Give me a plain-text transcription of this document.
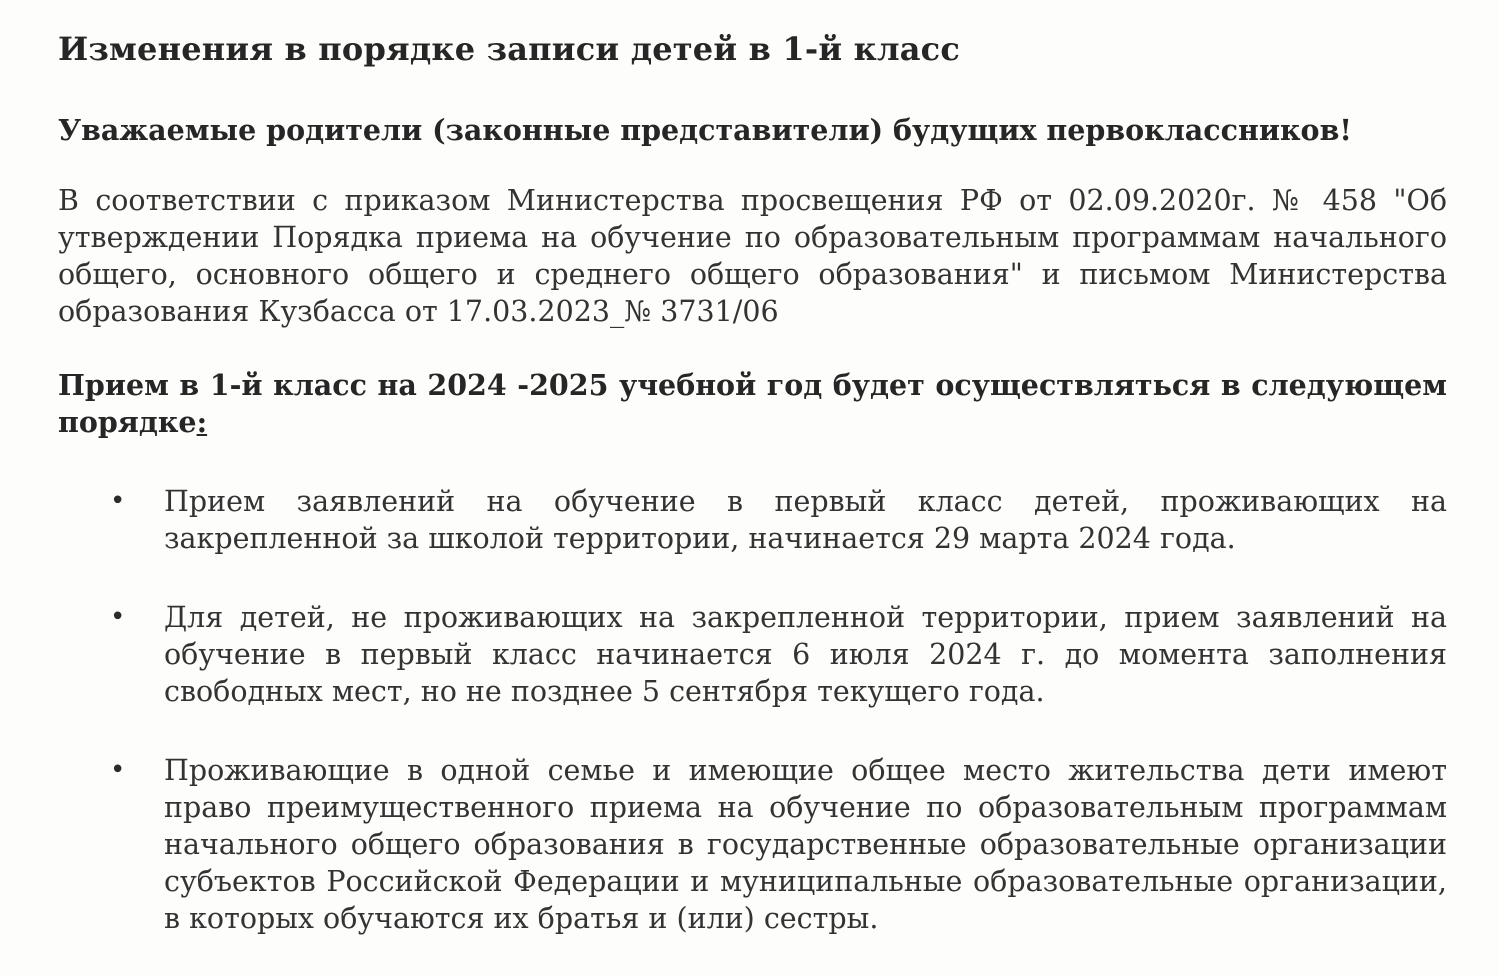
Изменения в порядке записи детей в 1-й класс

Уважаемые родители (законные представители) будущих первоклассников!

В соответствии с приказом Министерства просвещения РФ от 02.09.2020г. № 458 "Об утверждении Порядка приема на обучение по образовательным программам начального общего, основного общего и среднего общего образования" и письмом Министерства образования Кузбасса от 17.03.2023_№ 3731/06

Прием в 1-й класс на 2024 -2025 учебной год будет осуществляться в следующем порядке:

• Прием заявлений на обучение в первый класс детей, проживающих на закрепленной за школой территории, начинается 29 марта 2024 года.
• Для детей, не проживающих на закрепленной территории, прием заявлений на обучение в первый класс начинается 6 июля 2024 г. до момента заполнения свободных мест, но не позднее 5 сентября текущего года.
• Проживающие в одной семье и имеющие общее место жительства дети имеют право преимущественного приема на обучение по образовательным программам начального общего образования в государственные образовательные организации субъектов Российской Федерации и муниципальные образовательные организации, в которых обучаются их братья и (или) сестры.
